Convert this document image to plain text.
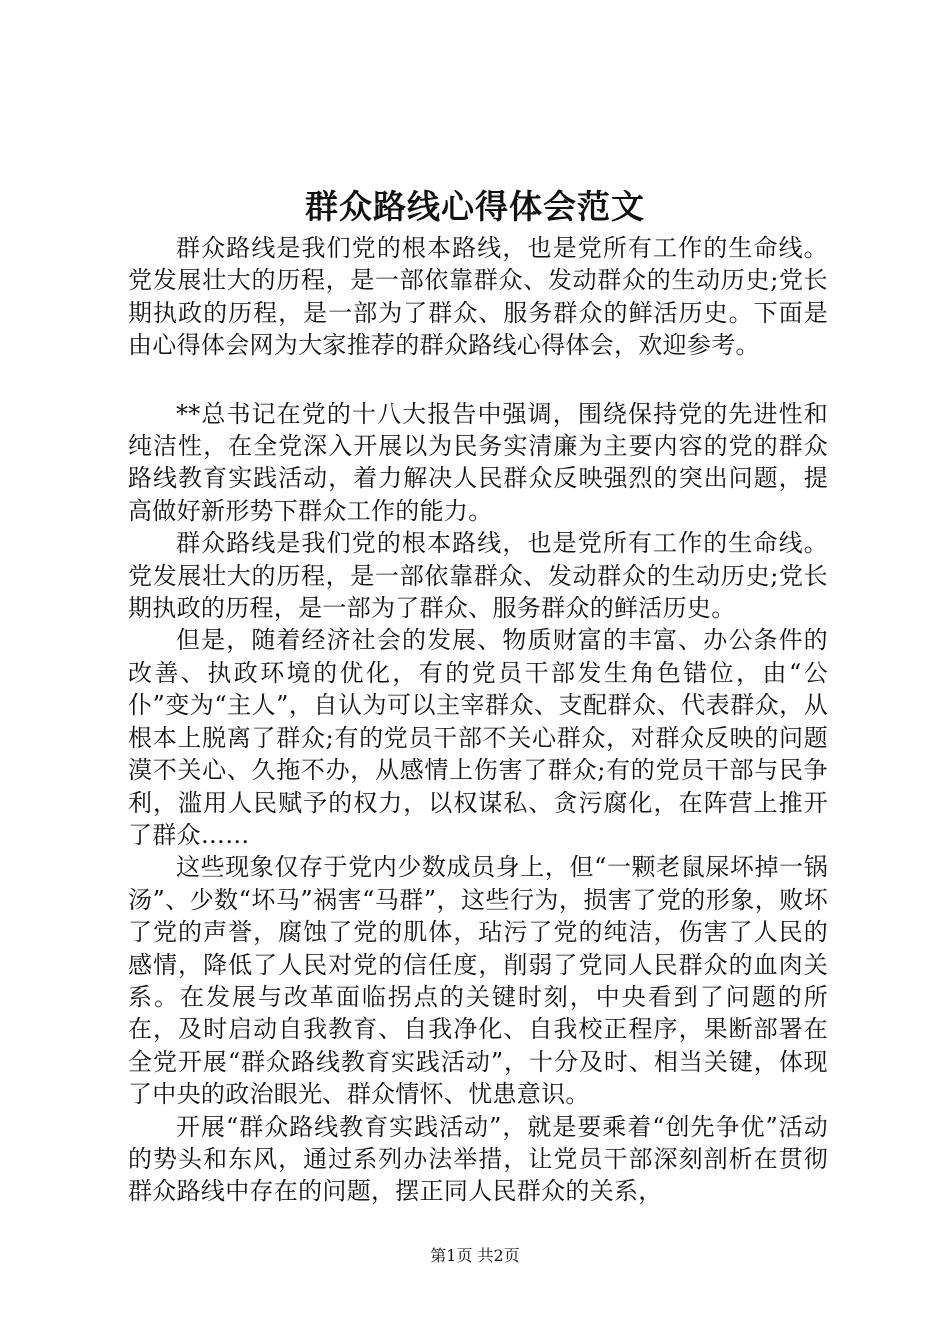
群众路线心得体会范文

群众路线是我们党的根本路线，也是党所有工作的生命线。党发展壮大的历程，是一部依靠群众、发动群众的生动历史;党长期执政的历程，是一部为了群众、服务群众的鲜活历史。下面是由心得体会网为大家推荐的群众路线心得体会，欢迎参考。

**总书记在党的十八大报告中强调，围绕保持党的先进性和纯洁性，在全党深入开展以为民务实清廉为主要内容的党的群众路线教育实践活动，着力解决人民群众反映强烈的突出问题，提高做好新形势下群众工作的能力。

群众路线是我们党的根本路线，也是党所有工作的生命线。党发展壮大的历程，是一部依靠群众、发动群众的生动历史;党长期执政的历程，是一部为了群众、服务群众的鲜活历史。

但是，随着经济社会的发展、物质财富的丰富、办公条件的改善、执政环境的优化，有的党员干部发生角色错位，由“公仆”变为“主人”，自认为可以主宰群众、支配群众、代表群众，从根本上脱离了群众;有的党员干部不关心群众，对群众反映的问题漠不关心、久拖不办，从感情上伤害了群众;有的党员干部与民争利，滥用人民赋予的权力，以权谋私、贪污腐化，在阵营上推开了群众……

这些现象仅存于党内少数成员身上，但“一颗老鼠屎坏掉一锅汤”、少数“坏马”祸害“马群”，这些行为，损害了党的形象，败坏了党的声誉，腐蚀了党的肌体，玷污了党的纯洁，伤害了人民的感情，降低了人民对党的信任度，削弱了党同人民群众的血肉关系。在发展与改革面临拐点的关键时刻，中央看到了问题的所在，及时启动自我教育、自我净化、自我校正程序，果断部署在全党开展“群众路线教育实践活动”，十分及时、相当关键，体现了中央的政治眼光、群众情怀、忧患意识。

开展“群众路线教育实践活动”，就是要乘着“创先争优”活动的势头和东风，通过系列办法举措，让党员干部深刻剖析在贯彻群众路线中存在的问题，摆正同人民群众的关系，

第1页 共2页
